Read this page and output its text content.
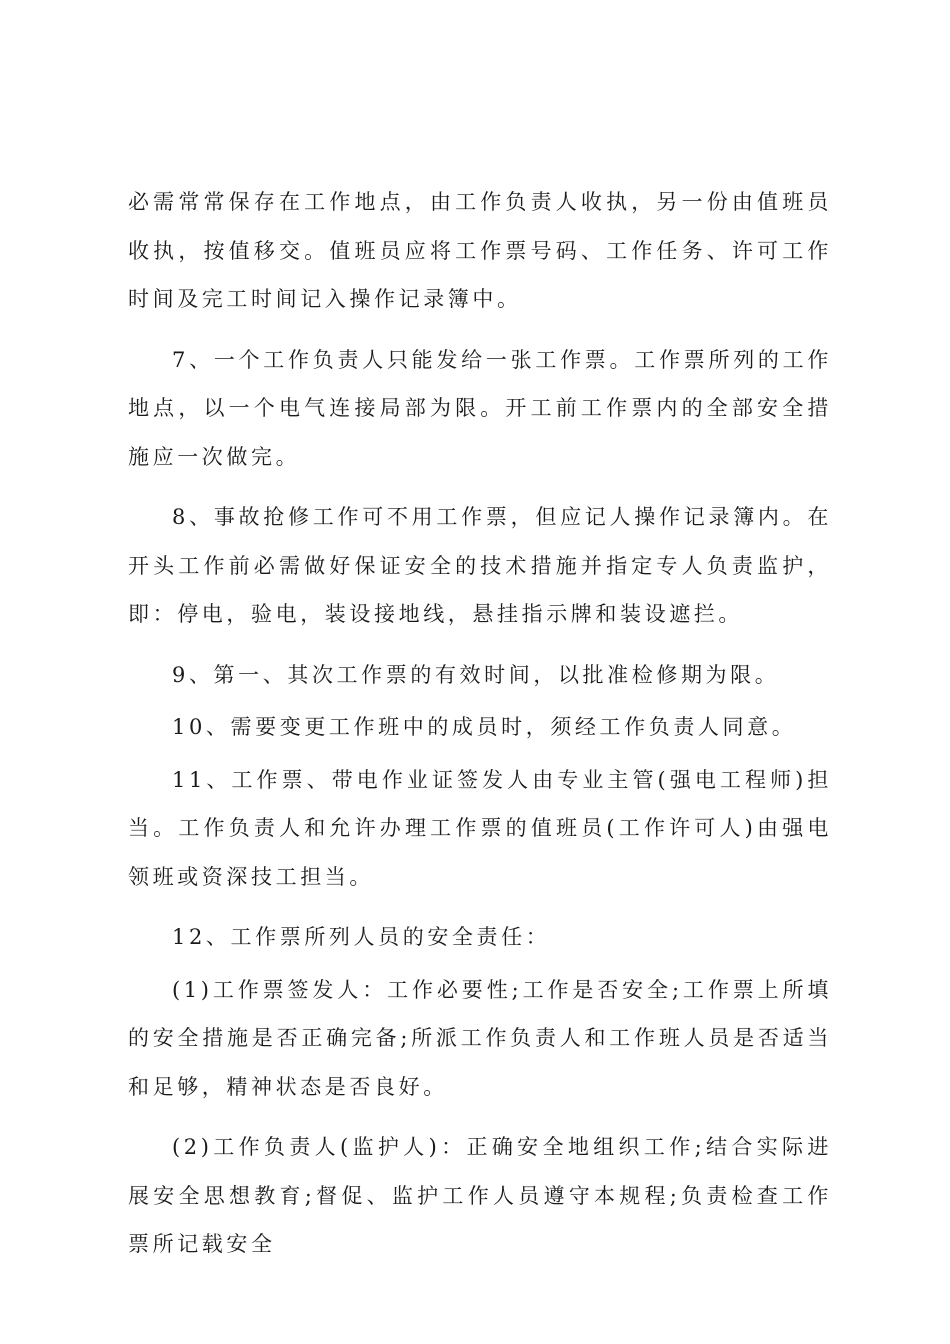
必需常常保存在工作地点，由工作负责人收执，另一份由值班员收执，按值移交。值班员应将工作票号码、工作任务、许可工作时间及完工时间记入操作记录簿中。

7、一个工作负责人只能发给一张工作票。工作票所列的工作地点，以一个电气连接局部为限。开工前工作票内的全部安全措施应一次做完。

8、事故抢修工作可不用工作票，但应记人操作记录簿内。在开头工作前必需做好保证安全的技术措施并指定专人负责监护，即：停电，验电，装设接地线，悬挂指示牌和装设遮拦。

9、第一、其次工作票的有效时间，以批准检修期为限。

10、需要变更工作班中的成员时，须经工作负责人同意。

11、工作票、带电作业证签发人由专业主管(强电工程师)担当。工作负责人和允许办理工作票的值班员(工作许可人)由强电领班或资深技工担当。

12、工作票所列人员的安全责任：

(1)工作票签发人：工作必要性;工作是否安全;工作票上所填的安全措施是否正确完备;所派工作负责人和工作班人员是否适当和足够，精神状态是否良好。

(2)工作负责人(监护人)：正确安全地组织工作;结合实际进展安全思想教育;督促、监护工作人员遵守本规程;负责检查工作票所记载安全
